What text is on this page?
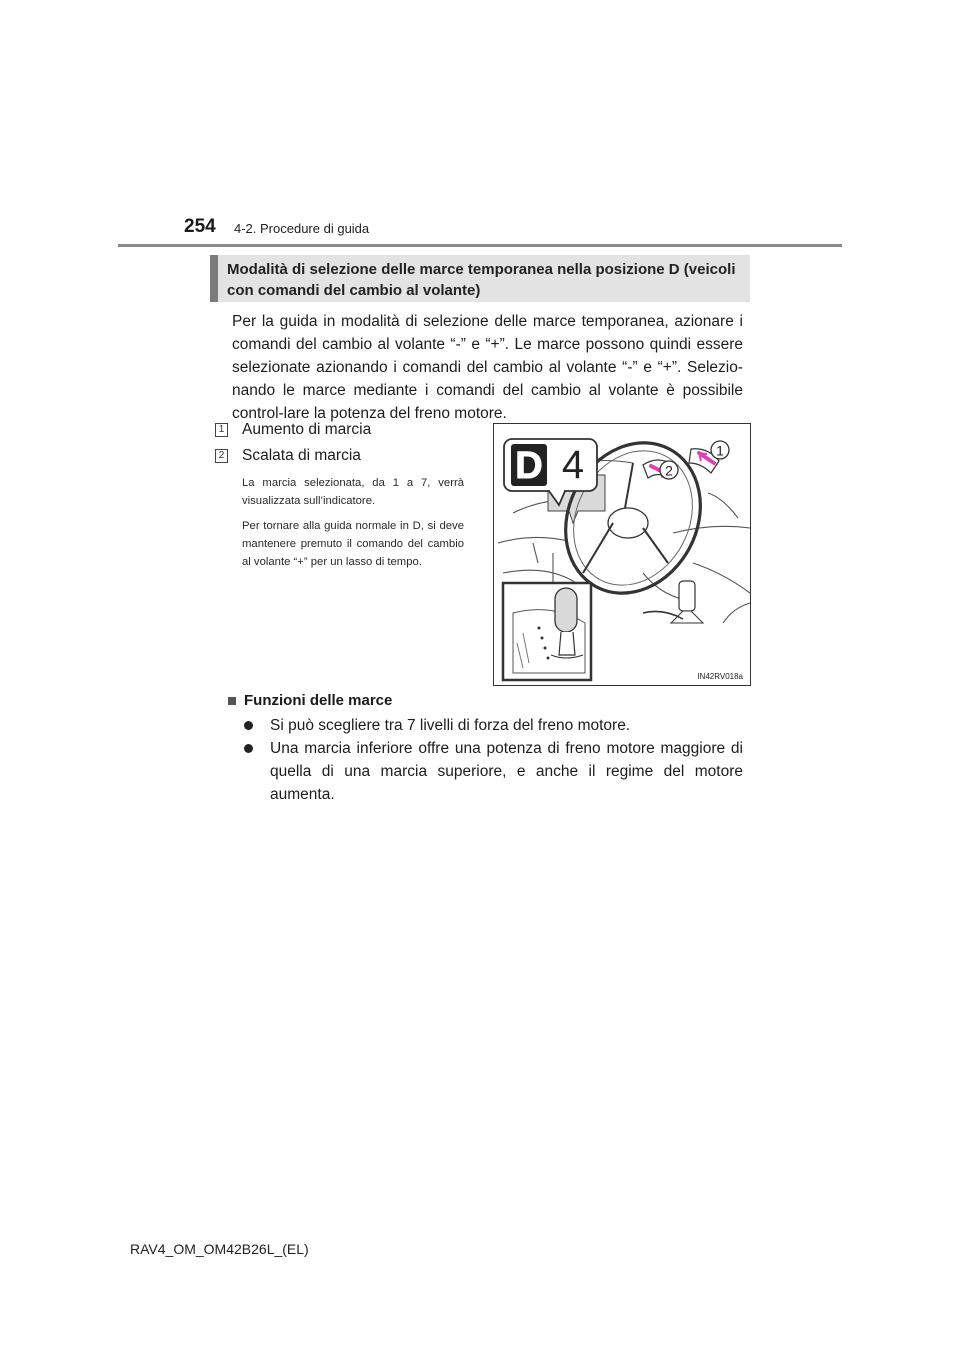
254 4-2. Procedure di guida
Modalità di selezione delle marce temporanea nella posizione D (veicoli con comandi del cambio al volante)
Per la guida in modalità di selezione delle marce temporanea, azionare i comandi del cambio al volante “-” e “+”. Le marce possono quindi essere selezionate azionando i comandi del cambio al volante “-” e “+”. Selezio-nando le marce mediante i comandi del cambio al volante è possibile control-lare la potenza del freno motore.
1 Aumento di marcia
2 Scalata di marcia
La marcia selezionata, da 1 a 7, verrà visualizzata sull’indicatore.
Per tornare alla guida normale in D, si deve mantenere premuto il comando del cambio al volante “+” per un lasso di tempo.
D 4	2
1
IN42RV018a
Funzioni delle marce
Si può scegliere tra 7 livelli di forza del freno motore.
Una marcia inferiore offre una potenza di freno motore maggiore di quella di una marcia superiore, e anche il regime del motore aumenta.
RAV4_OM_OM42B26L_(EL)
